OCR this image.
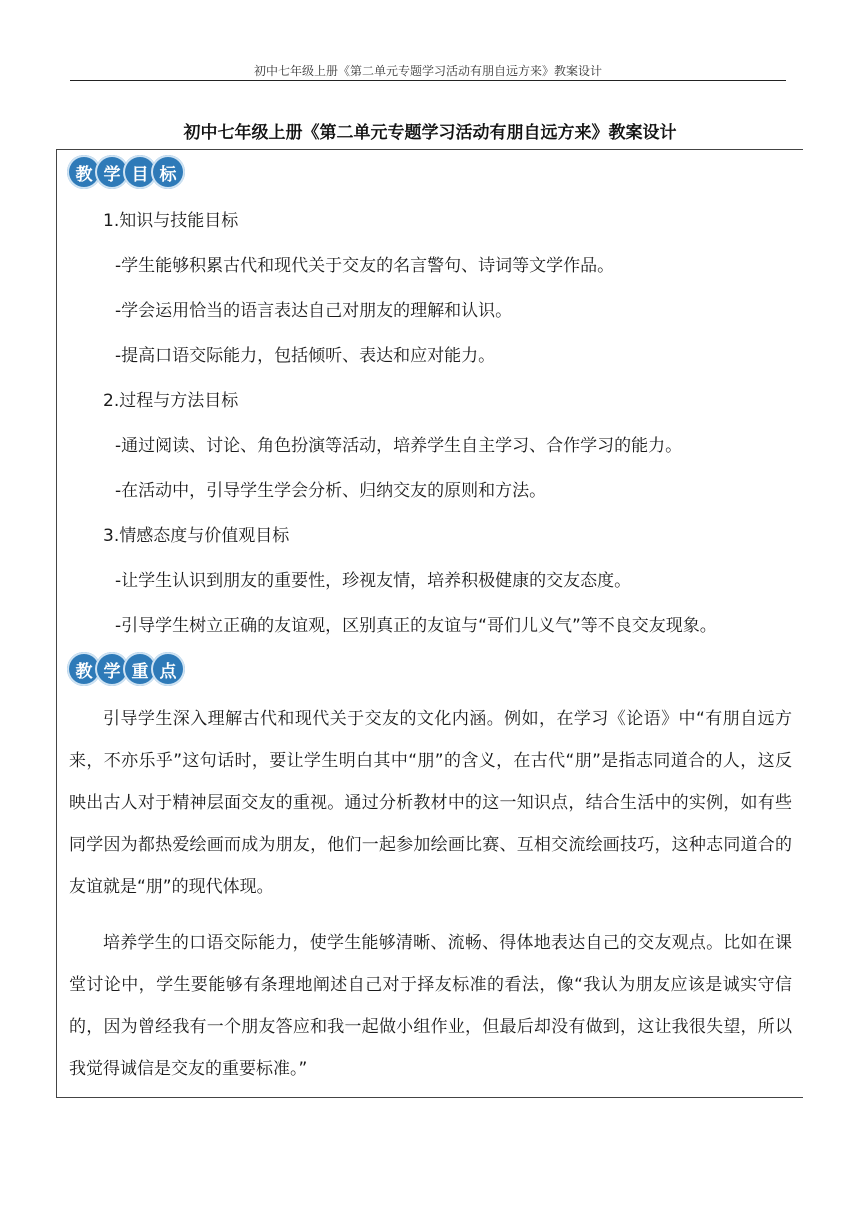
初中七年级上册《第二单元专题学习活动有朋自远方来》教案设计
初中七年级上册《第二单元专题学习活动有朋自远方来》教案设计
教 学 目 标
1.知识与技能目标
-学生能够积累古代和现代关于交友的名言警句、诗词等文学作品。
-学会运用恰当的语言表达自己对朋友的理解和认识。
-提高口语交际能力，包括倾听、表达和应对能力。
2.过程与方法目标
-通过阅读、讨论、角色扮演等活动，培养学生自主学习、合作学习的能力。
-在活动中，引导学生学会分析、归纳交友的原则和方法。
3.情感态度与价值观目标
-让学生认识到朋友的重要性，珍视友情，培养积极健康的交友态度。
-引导学生树立正确的友谊观，区别真正的友谊与“哥们儿义气”等不良交友现象。
教 学 重 点

引导学生深入理解古代和现代关于交友的文化内涵。例如，在学习《论语》中“有朋自远方来，不亦乐乎”这句话时，要让学生明白其中“朋”的含义，在古代“朋”是指志同道合的人，这反映出古人对于精神层面交友的重视。通过分析教材中的这一知识点，结合生活中的实例，如有些同学因为都热爱绘画而成为朋友，他们一起参加绘画比赛、互相交流绘画技巧，这种志同道合的友谊就是“朋”的现代体现。

培养学生的口语交际能力，使学生能够清晰、流畅、得体地表达自己的交友观点。比如在课堂讨论中，学生要能够有条理地阐述自己对于择友标准的看法，像“我认为朋友应该是诚实守信的，因为曾经我有一个朋友答应和我一起做小组作业，但最后却没有做到，这让我很失望，所以我觉得诚信是交友的重要标准。”
